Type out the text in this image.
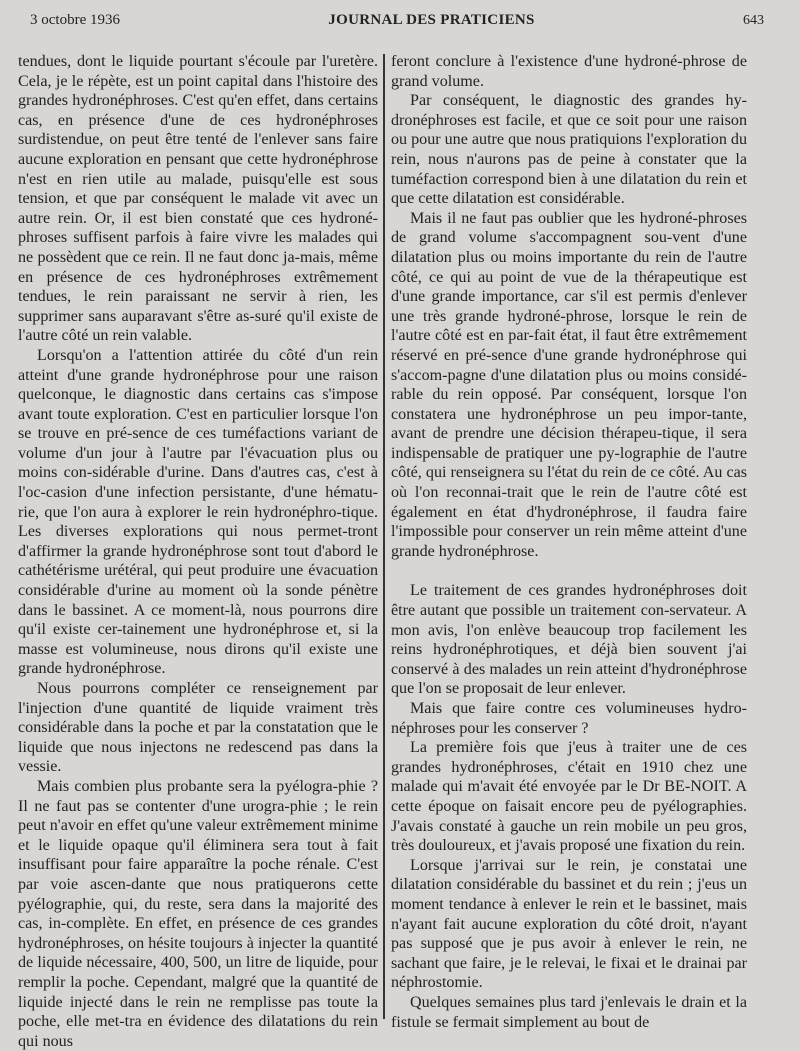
3 octobre 1936	JOURNAL DES PRATICIENS	643

tendues, dont le liquide pourtant s'écoule par l'uretère. Cela, je le répète, est un point capital dans l'histoire des grandes hydronéphroses. C'est qu'en effet, dans certains cas, en présence d'une de ces hydronéphroses surdistendue, on peut être tenté de l'enlever sans faire aucune exploration en pensant que cette hydronéphrose n'est en rien utile au malade, puisqu'elle est sous tension, et que par conséquent le malade vit avec un autre rein. Or, il est bien constaté que ces hydroné-phroses suffisent parfois à faire vivre les malades qui ne possèdent que ce rein. Il ne faut donc ja-mais, même en présence de ces hydronéphroses extrêmement tendues, le rein paraissant ne servir à rien, les supprimer sans auparavant s'être as-suré qu'il existe de l'autre côté un rein valable.

Lorsqu'on a l'attention attirée du côté d'un rein atteint d'une grande hydronéphrose pour une raison quelconque, le diagnostic dans certains cas s'impose avant toute exploration. C'est en particulier lorsque l'on se trouve en pré-sence de ces tuméfactions variant de volume d'un jour à l'autre par l'évacuation plus ou moins con-sidérable d'urine. Dans d'autres cas, c'est à l'oc-casion d'une infection persistante, d'une hématu-rie, que l'on aura à explorer le rein hydronéphro-tique. Les diverses explorations qui nous permet-tront d'affirmer la grande hydronéphrose sont tout d'abord le cathétérisme urétéral, qui peut produire une évacuation considérable d'urine au moment où la sonde pénètre dans le bassinet. A ce moment-là, nous pourrons dire qu'il existe cer-tainement une hydronéphrose et, si la masse est volumineuse, nous dirons qu'il existe une grande hydronéphrose.

Nous pourrons compléter ce renseignement par l'injection d'une quantité de liquide vraiment très considérable dans la poche et par la constatation que le liquide que nous injectons ne redescend pas dans la vessie.

Mais combien plus probante sera la pyélogra-phie ? Il ne faut pas se contenter d'une urogra-phie ; le rein peut n'avoir en effet qu'une valeur extrêmement minime et le liquide opaque qu'il éliminera sera tout à fait insuffisant pour faire apparaître la poche rénale. C'est par voie ascen-dante que nous pratiquerons cette pyélographie, qui, du reste, sera dans la majorité des cas, in-complète. En effet, en présence de ces grandes hydronéphroses, on hésite toujours à injecter la quantité de liquide nécessaire, 400, 500, un litre de liquide, pour remplir la poche. Cependant, malgré que la quantité de liquide injecté dans le rein ne remplisse pas toute la poche, elle met-tra en évidence des dilatations du rein qui nous

feront conclure à l'existence d'une hydroné-phrose de grand volume.

Par conséquent, le diagnostic des grandes hy-dronéphroses est facile, et que ce soit pour une raison ou pour une autre que nous pratiquions l'exploration du rein, nous n'aurons pas de peine à constater que la tuméfaction correspond bien à une dilatation du rein et que cette dilatation est considérable.

Mais il ne faut pas oublier que les hydroné-phroses de grand volume s'accompagnent sou-vent d'une dilatation plus ou moins importante du rein de l'autre côté, ce qui au point de vue de la thérapeutique est d'une grande importance, car s'il est permis d'enlever une très grande hydroné-phrose, lorsque le rein de l'autre côté est en par-fait état, il faut être extrêmement réservé en pré-sence d'une grande hydronéphrose qui s'accom-pagne d'une dilatation plus ou moins considé-rable du rein opposé. Par conséquent, lorsque l'on constatera une hydronéphrose un peu impor-tante, avant de prendre une décision thérapeu-tique, il sera indispensable de pratiquer une py-lographie de l'autre côté, qui renseignera su l'état du rein de ce côté. Au cas où l'on reconnai-trait que le rein de l'autre côté est également en état d'hydronéphrose, il faudra faire l'impossible pour conserver un rein même atteint d'une grande hydronéphrose.

Le traitement de ces grandes hydronéphroses doit être autant que possible un traitement con-servateur. A mon avis, l'on enlève beaucoup trop facilement les reins hydronéphrotiques, et déjà bien souvent j'ai conservé à des malades un rein atteint d'hydronéphrose que l'on se proposait de leur enlever.

Mais que faire contre ces volumineuses hydro-néphroses pour les conserver ?

La première fois que j'eus à traiter une de ces grandes hydronéphroses, c'était en 1910 chez une malade qui m'avait été envoyée par le Dr BE-NOIT. A cette époque on faisait encore peu de pyélographies. J'avais constaté à gauche un rein mobile un peu gros, très douloureux, et j'avais proposé une fixation du rein.

Lorsque j'arrivai sur le rein, je constatai une dilatation considérable du bassinet et du rein ; j'eus un moment tendance à enlever le rein et le bassinet, mais n'ayant fait aucune exploration du côté droit, n'ayant pas supposé que je pus avoir à enlever le rein, ne sachant que faire, je le relevai, le fixai et le drainai par néphrostomie.

Quelques semaines plus tard j'enlevais le drain et la fistule se fermait simplement au bout de
